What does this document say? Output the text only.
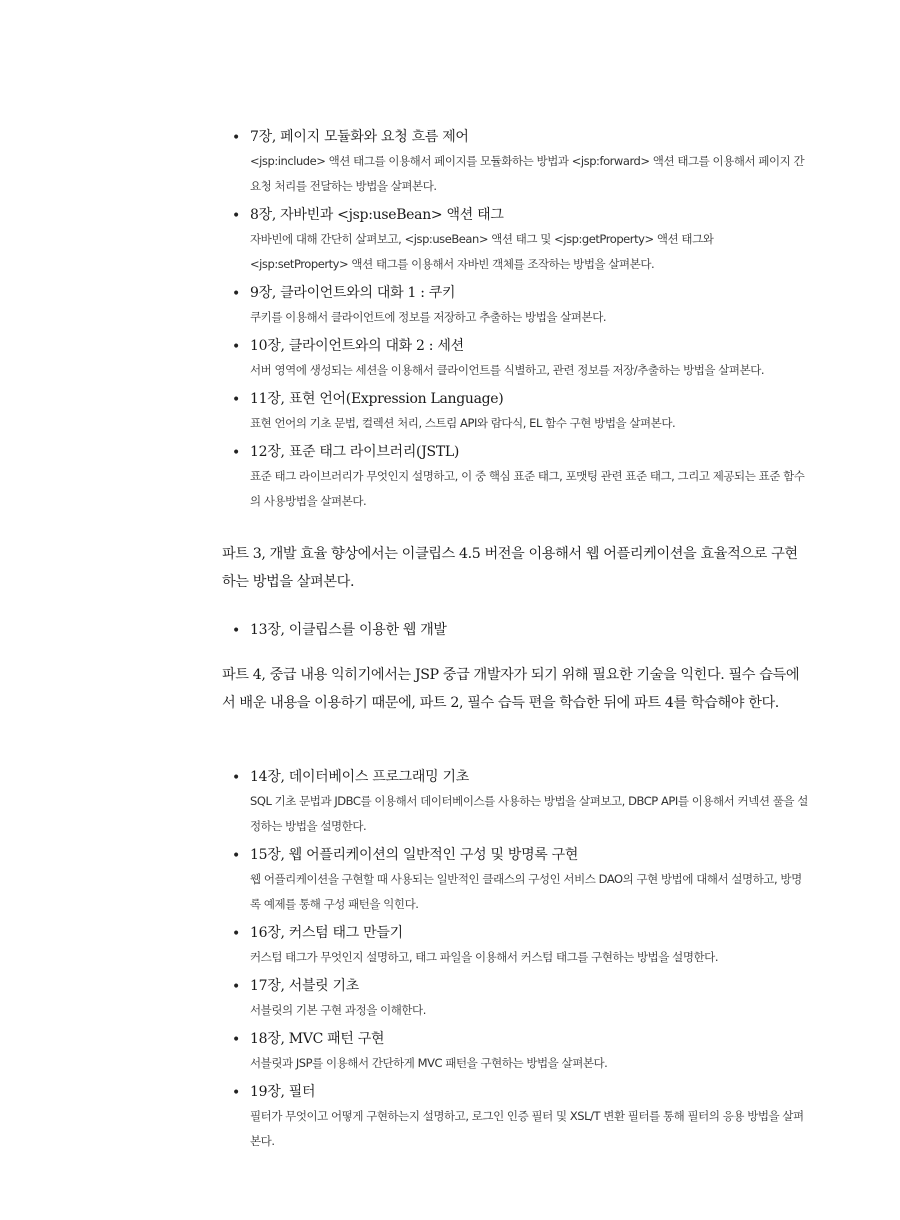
• 7장, 페이지 모듈화와 요청 흐름 제어
<jsp:include> 액션 태그를 이용해서 페이지를 모듈화하는 방법과 <jsp:forward> 액션 태그를 이용해서 페이지 간 요청 처리를 전달하는 방법을 살펴본다.
• 8장, 자바빈과 <jsp:useBean> 액션 태그
자바빈에 대해 간단히 살펴보고, <jsp:useBean> 액션 태그 및 <jsp:getProperty> 액션 태그와 <jsp:setProperty> 액션 태그를 이용해서 자바빈 객체를 조작하는 방법을 살펴본다.
• 9장, 클라이언트와의 대화 1 : 쿠키
쿠키를 이용해서 클라이언트에 정보를 저장하고 추출하는 방법을 살펴본다.
• 10장, 클라이언트와의 대화 2 : 세션
서버 영역에 생성되는 세션을 이용해서 클라이언트를 식별하고, 관련 정보를 저장/추출하는 방법을 살펴본다.
• 11장, 표현 언어(Expression Language)
표현 언어의 기초 문법, 컬렉션 처리, 스트림 API와 람다식, EL 함수 구현 방법을 살펴본다.
• 12장, 표준 태그 라이브러리(JSTL)
표준 태그 라이브러리가 무엇인지 설명하고, 이 중 핵심 표준 태그, 포맷팅 관련 표준 태그, 그리고 제공되는 표준 함수의 사용방법을 살펴본다.

파트 3, 개발 효율 향상에서는 이클립스 4.5 버전을 이용해서 웹 어플리케이션을 효율적으로 구현하는 방법을 살펴본다.

• 13장, 이클립스를 이용한 웹 개발

파트 4, 중급 내용 익히기에서는 JSP 중급 개발자가 되기 위해 필요한 기술을 익힌다. 필수 습득에서 배운 내용을 이용하기 때문에, 파트 2, 필수 습득 편을 학습한 뒤에 파트 4를 학습해야 한다.

• 14장, 데이터베이스 프로그래밍 기초
SQL 기초 문법과 JDBC를 이용해서 데이터베이스를 사용하는 방법을 살펴보고, DBCP API를 이용해서 커넥션 풀을 설정하는 방법을 설명한다.
• 15장, 웹 어플리케이션의 일반적인 구성 및 방명록 구현
웹 어플리케이션을 구현할 때 사용되는 일반적인 클래스의 구성인 서비스 DAO의 구현 방법에 대해서 설명하고, 방명록 예제를 통해 구성 패턴을 익힌다.
• 16장, 커스텀 태그 만들기
커스텀 태그가 무엇인지 설명하고, 태그 파일을 이용해서 커스텀 태그를 구현하는 방법을 설명한다.
• 17장, 서블릿 기초
서블릿의 기본 구현 과정을 이해한다.
• 18장, MVC 패턴 구현
서블릿과 JSP를 이용해서 간단하게 MVC 패턴을 구현하는 방법을 살펴본다.
• 19장, 필터
필터가 무엇이고 어떻게 구현하는지 설명하고, 로그인 인증 필터 및 XSL/T 변환 필터를 통해 필터의 응용 방법을 살펴본다.
